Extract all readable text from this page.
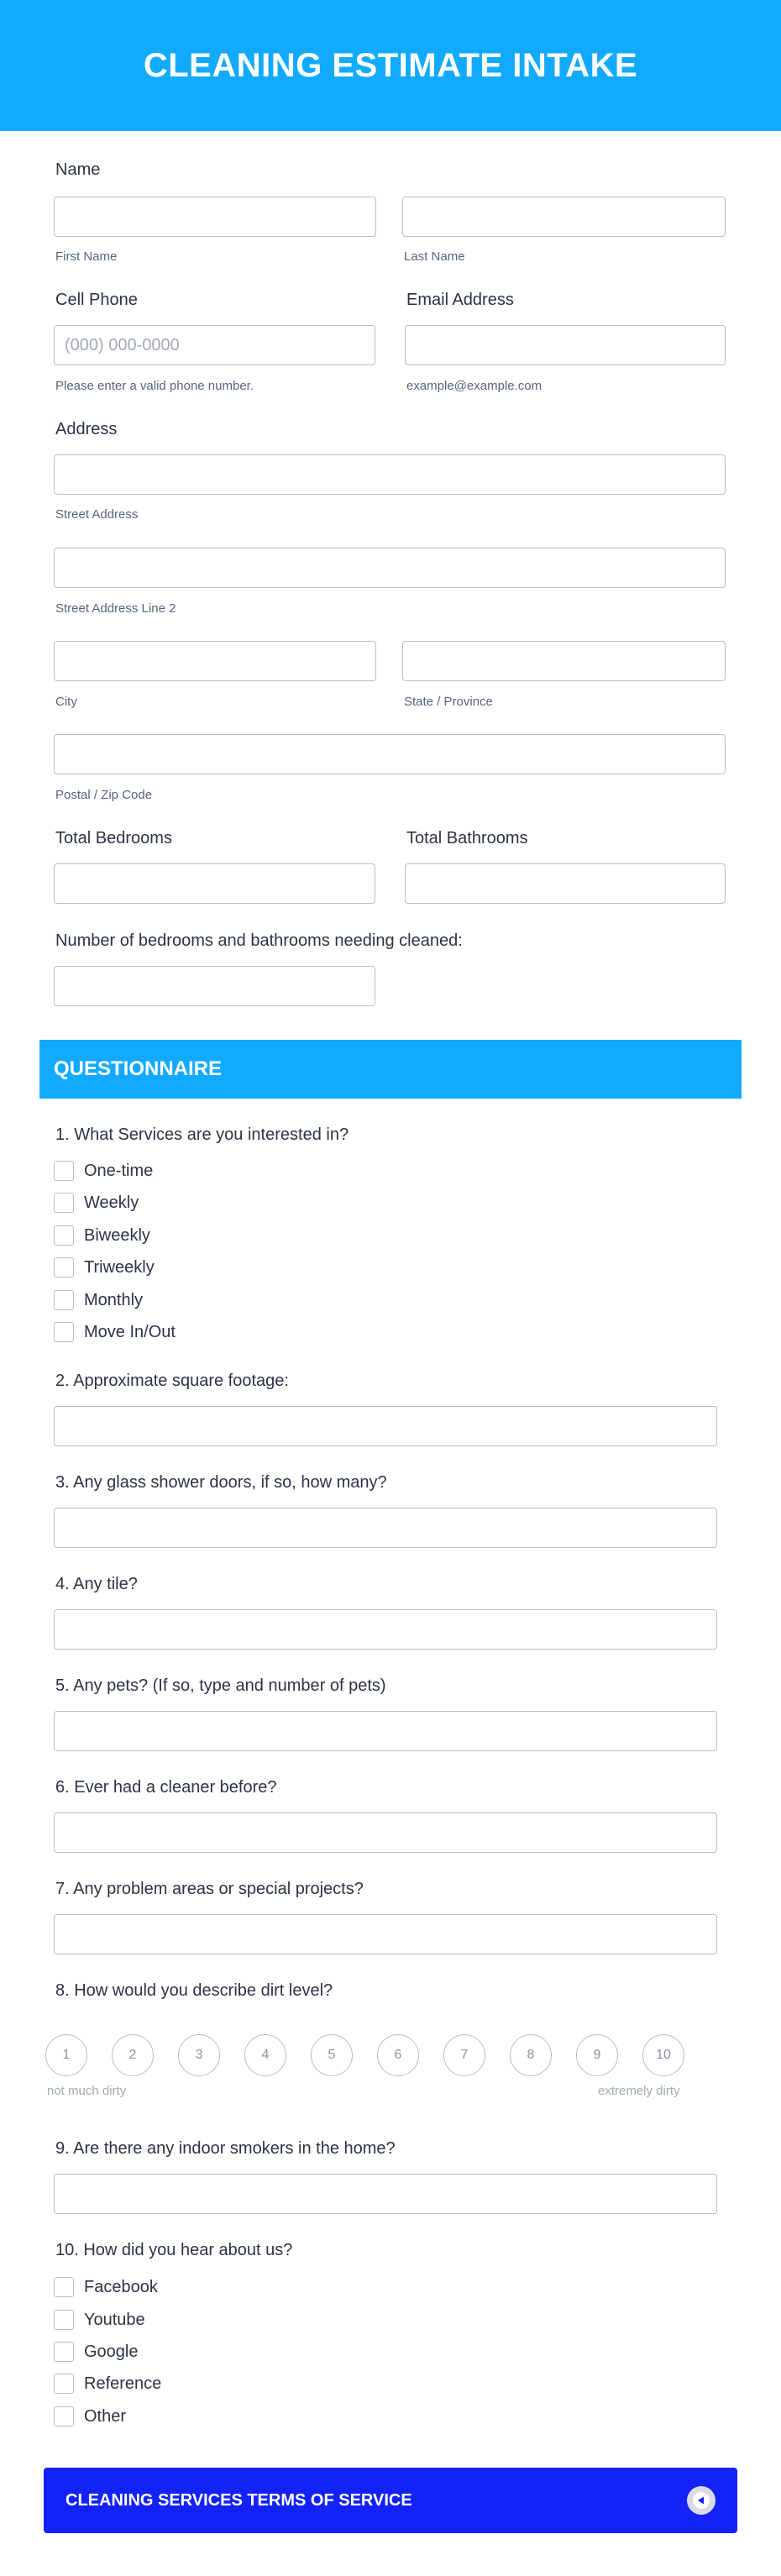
CLEANING ESTIMATE INTAKE
Name
First Name	Last Name
Cell Phone	Email Address
(000) 000-0000
Please enter a valid phone number.	example@example.com
Address
Street Address
Street Address Line 2
City	State / Province
Postal / Zip Code
Total Bedrooms	Total Bathrooms
Number of bedrooms and bathrooms needing cleaned:
QUESTIONNAIRE
1. What Services are you interested in?
One-time
Weekly
Biweekly
Triweekly
Monthly
Move In/Out
2. Approximate square footage:
3. Any glass shower doors, if so, how many?
4. Any tile?
5. Any pets? (If so, type and number of pets)
6. Ever had a cleaner before?
7. Any problem areas or special projects?
8. How would you describe dirt level?
1	2	3	4	5	6	7	8	9	10
not much dirty	extremely dirty
9. Are there any indoor smokers in the home?
10. How did you hear about us?
Facebook
Youtube
Google
Reference
Other
CLEANING SERVICES TERMS OF SERVICE
